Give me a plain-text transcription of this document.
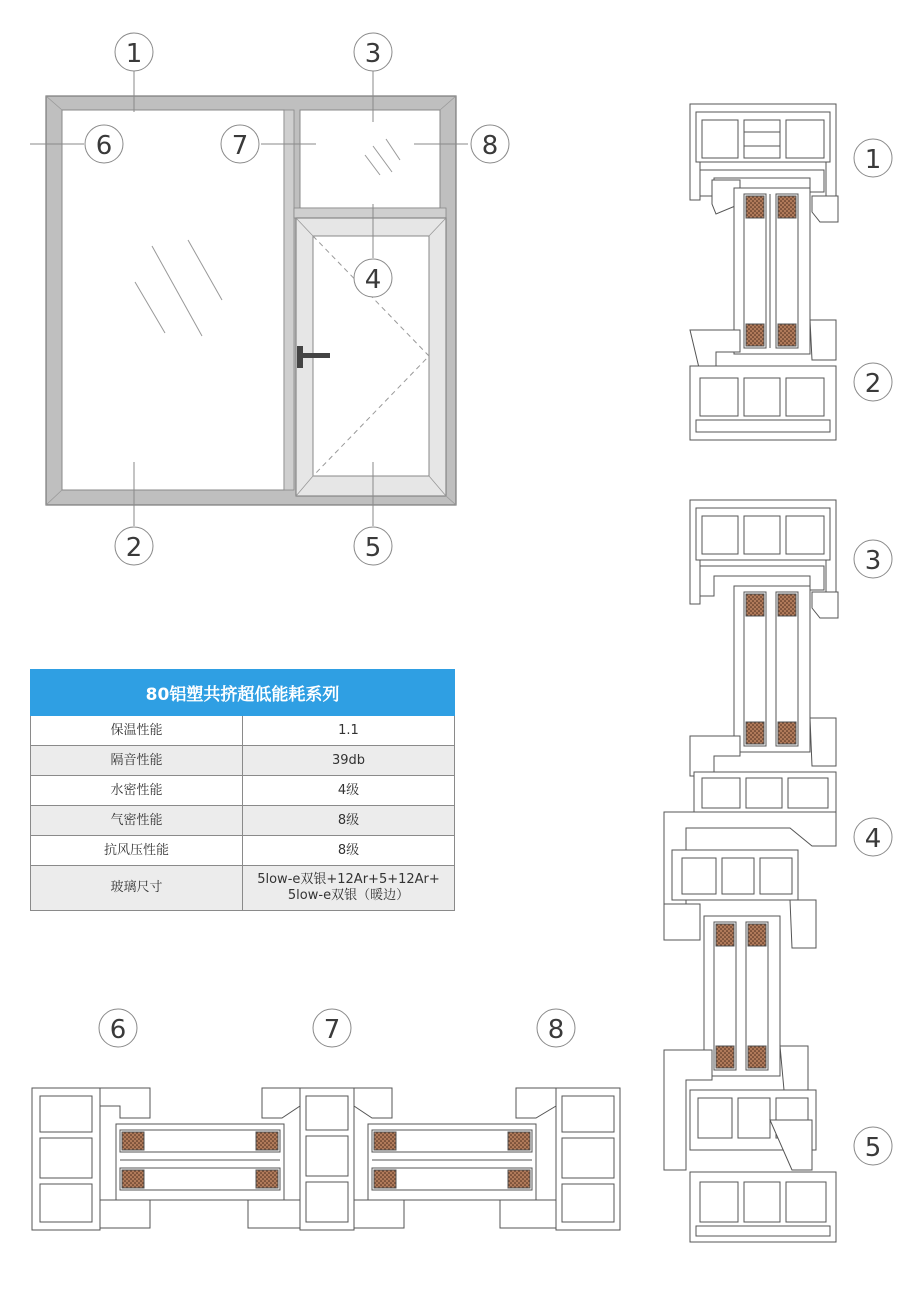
1	3
6	7	8
4
2	5
1
2
3
4
5
6	7	8
80铝塑共挤超低能耗系列	
保温性能	1.1
隔音性能	39db
水密性能	4级
气密性能	8级
抗风压性能	8级
玻璃尺寸	5low-e双银+12Ar+5+12Ar+
5low-e双银（暖边）
